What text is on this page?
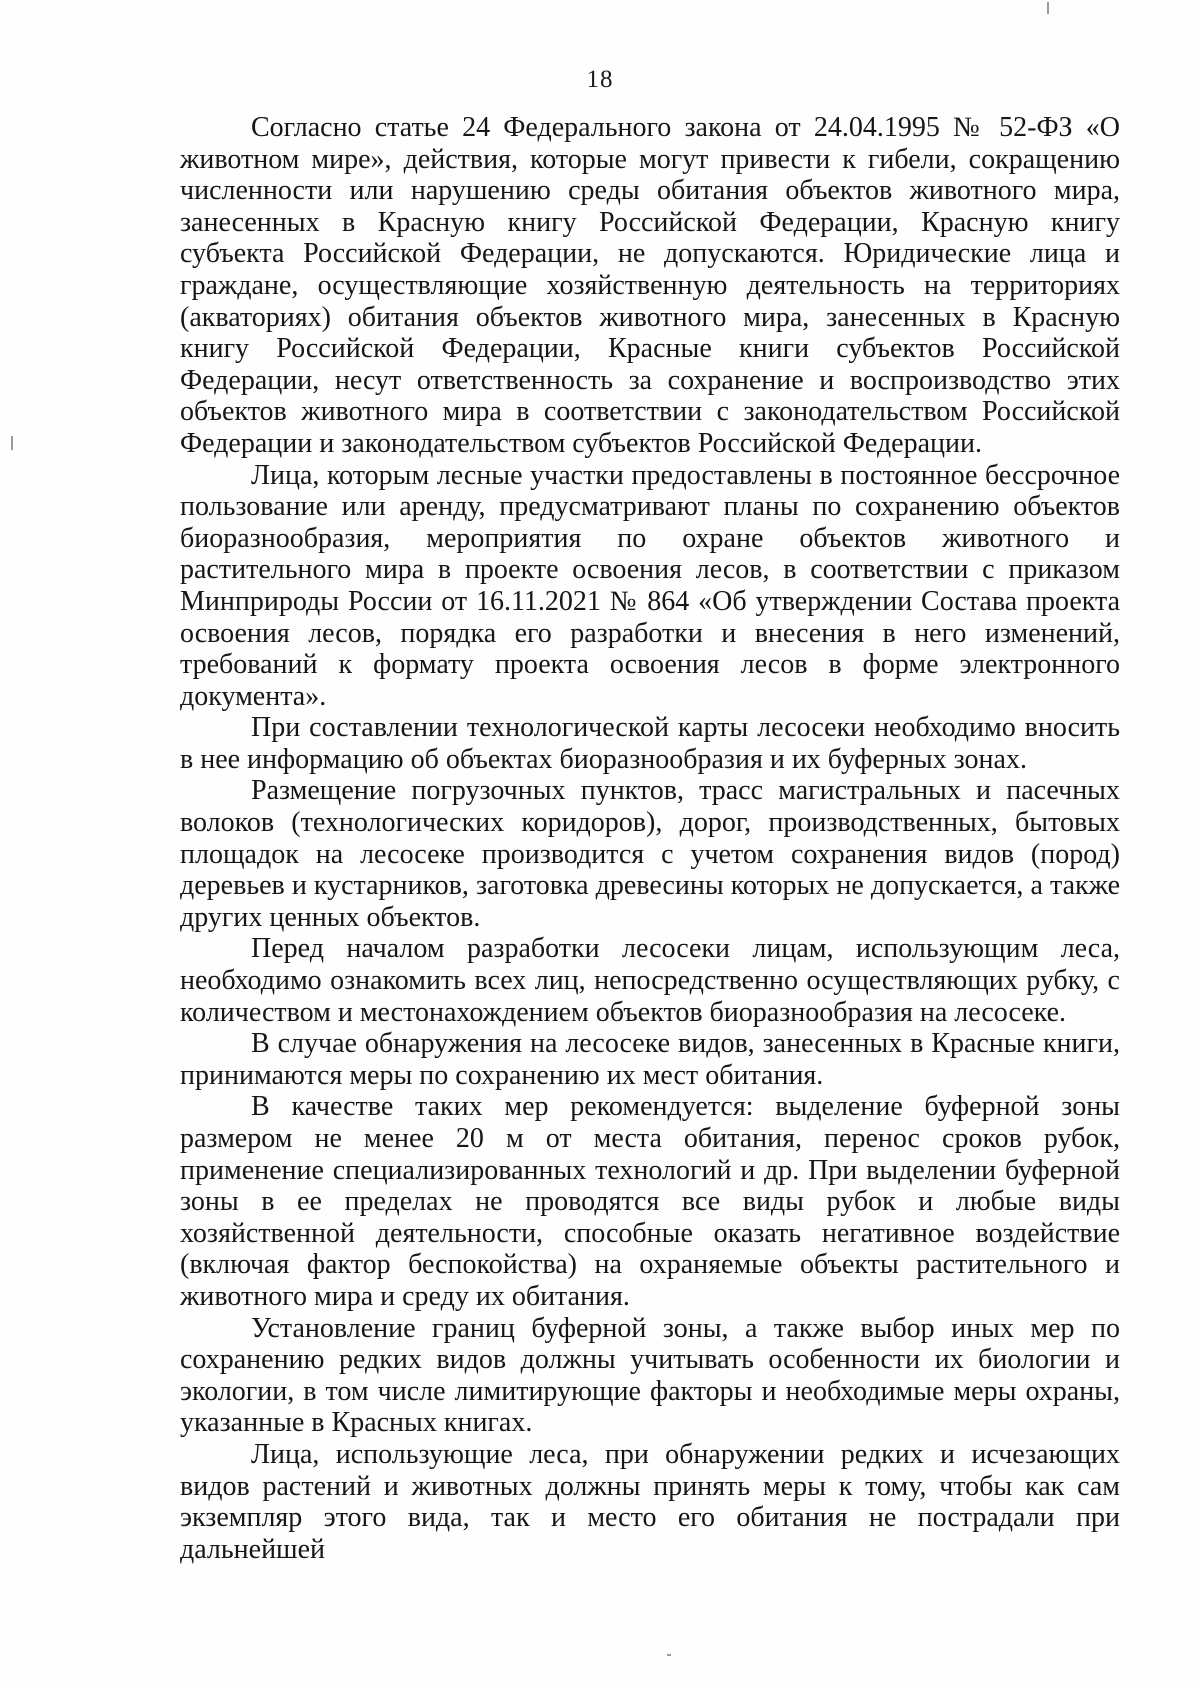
18

Согласно статье 24 Федерального закона от 24.04.1995 № 52-ФЗ «О животном мире», действия, которые могут привести к гибели, сокращению численности или нарушению среды обитания объектов животного мира, занесенных в Красную книгу Российской Федерации, Красную книгу субъекта Российской Федерации, не допускаются. Юридические лица и граждане, осуществляющие хозяйственную деятельность на территориях (акваториях) обитания объектов животного мира, занесенных в Красную книгу Российской Федерации, Красные книги субъектов Российской Федерации, несут ответственность за сохранение и воспроизводство этих объектов животного мира в соответствии с законодательством Российской Федерации и законодательством субъектов Российской Федерации.

Лица, которым лесные участки предоставлены в постоянное бессрочное пользование или аренду, предусматривают планы по сохранению объектов биоразнообразия, мероприятия по охране объектов животного и растительного мира в проекте освоения лесов, в соответствии с приказом Минприроды России от 16.11.2021 № 864 «Об утверждении Состава проекта освоения лесов, порядка его разработки и внесения в него изменений, требований к формату проекта освоения лесов в форме электронного документа».

При составлении технологической карты лесосеки необходимо вносить в нее информацию об объектах биоразнообразия и их буферных зонах.

Размещение погрузочных пунктов, трасс магистральных и пасечных волоков (технологических коридоров), дорог, производственных, бытовых площадок на лесосеке производится с учетом сохранения видов (пород) деревьев и кустарников, заготовка древесины которых не допускается, а также других ценных объектов.

Перед началом разработки лесосеки лицам, использующим леса, необходимо ознакомить всех лиц, непосредственно осуществляющих рубку, с количеством и местонахождением объектов биоразнообразия на лесосеке.

В случае обнаружения на лесосеке видов, занесенных в Красные книги, принимаются меры по сохранению их мест обитания.

В качестве таких мер рекомендуется: выделение буферной зоны размером не менее 20 м от места обитания, перенос сроков рубок, применение специализированных технологий и др. При выделении буферной зоны в ее пределах не проводятся все виды рубок и любые виды хозяйственной деятельности, способные оказать негативное воздействие (включая фактор беспокойства) на охраняемые объекты растительного и животного мира и среду их обитания.

Установление границ буферной зоны, а также выбор иных мер по сохранению редких видов должны учитывать особенности их биологии и экологии, в том числе лимитирующие факторы и необходимые меры охраны, указанные в Красных книгах.

Лица, использующие леса, при обнаружении редких и исчезающих видов растений и животных должны принять меры к тому, чтобы как сам экземпляр этого вида, так и место его обитания не пострадали при дальнейшей
